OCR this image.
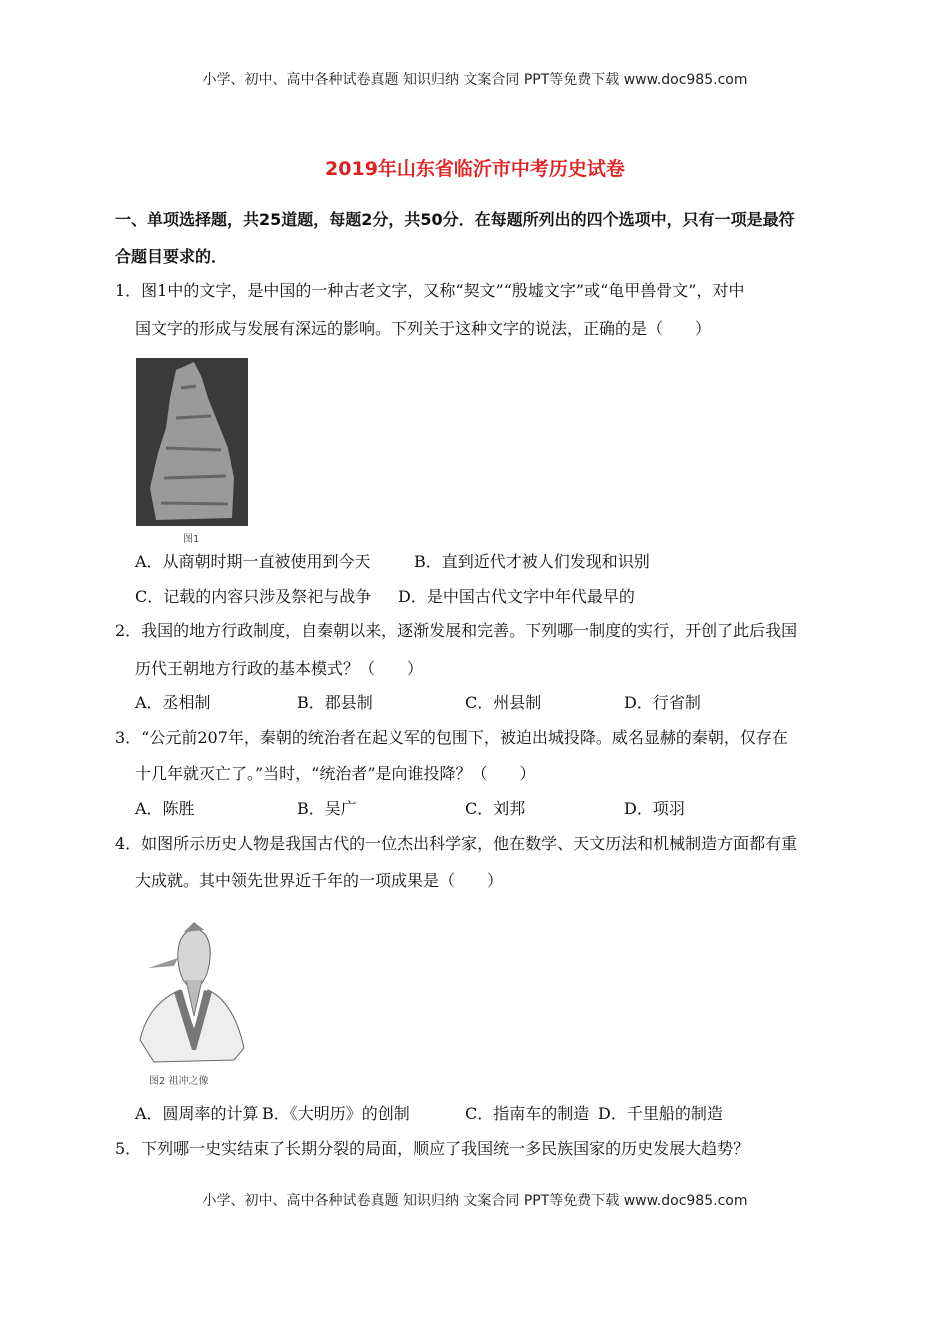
小学、初中、高中各种试卷真题 知识归纳 文案合同 PPT等免费下载 www.doc985.com
2019年山东省临沂市中考历史试卷
一、单项选择题，共25道题，每题2分，共50分．在每题所列出的四个选项中，只有一项是最符
合题目要求的．
1．图1中的文字，是中国的一种古老文字，又称“契文”“殷墟文字”或“龟甲兽骨文”，对中
国文字的形成与发展有深远的影响。下列关于这种文字的说法，正确的是（　　）
图1
A．从商朝时期一直被使用到今天	B．直到近代才被人们发现和识别
C．记载的内容只涉及祭祀与战争 D．是中国古代文字中年代最早的
2．我国的地方行政制度，自秦朝以来，逐渐发展和完善。下列哪一制度的实行，开创了此后我国
历代王朝地方行政的基本模式？（　　）
A．丞相制	B．郡县制	C．州县制	D．行省制
3．“公元前207年，秦朝的统治者在起义军的包围下，被迫出城投降。威名显赫的秦朝，仅存在
十几年就灭亡了。”当时，“统治者”是向谁投降？（　　）
A．陈胜	B．吴广	C．刘邦	D．项羽
4．如图所示历史人物是我国古代的一位杰出科学家，他在数学、天文历法和机械制造方面都有重
大成就。其中领先世界近千年的一项成果是（　　）
图2 祖冲之像
A．圆周率的计算 B．《大明历》的创制	C．指南车的制造 D．千里船的制造
5．下列哪一史实结束了长期分裂的局面，顺应了我国统一多民族国家的历史发展大趋势？
小学、初中、高中各种试卷真题 知识归纳 文案合同 PPT等免费下载 www.doc985.com
